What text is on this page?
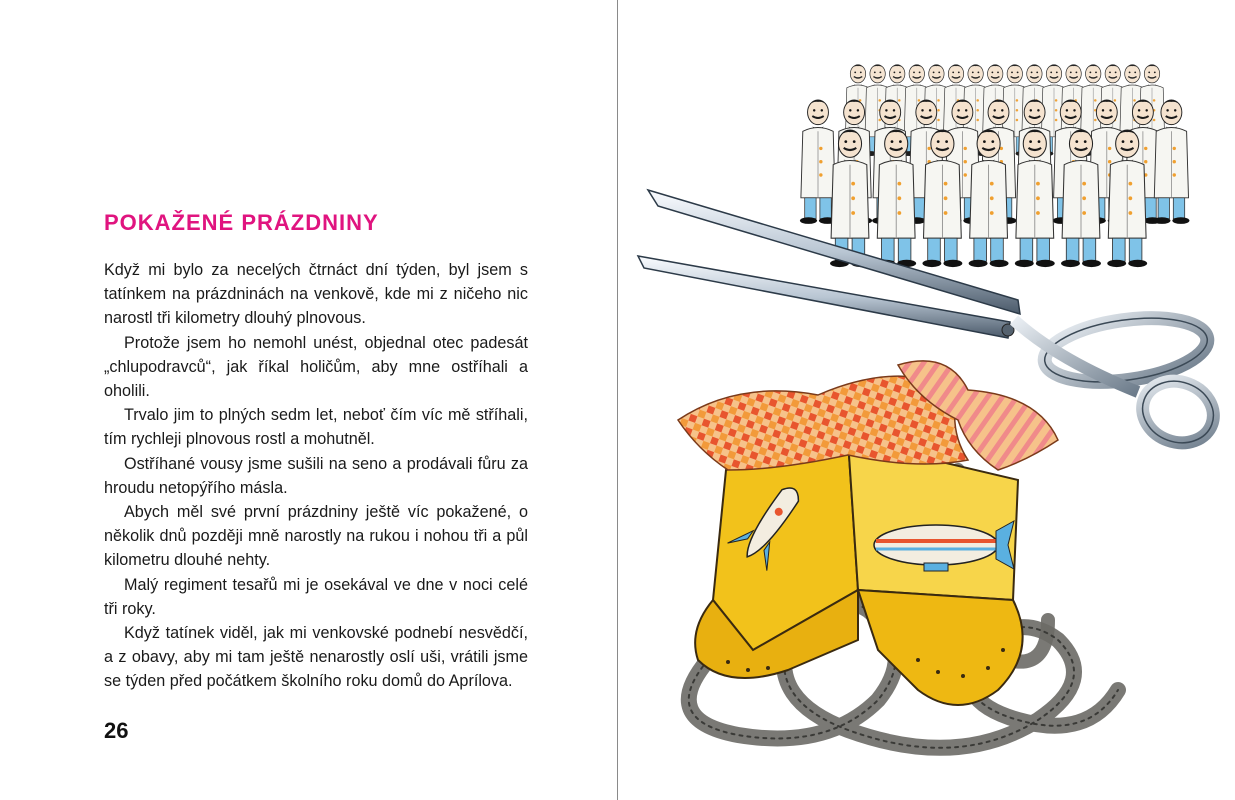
POKAŽENÉ PRÁZDNINY

Když mi bylo za necelých čtrnáct dní týden, byl jsem s tatínkem na prázdninách na venkově, kde mi z ničeho nic narostl tři kilometry dlouhý plnovous.

Protože jsem ho nemohl unést, objednal otec padesát „chlupodravců“, jak říkal holičům, aby mne ostříhali a oholili.

Trvalo jim to plných sedm let, neboť čím víc mě stříhali, tím rychleji plnovous rostl a mohutněl.

Ostříhané vousy jsme sušili na seno a prodávali fůru za hroudu netopýřího másla.

Abych měl své první prázdniny ještě víc pokažené, o několik dnů později mně narostly na rukou i nohou tři a půl kilometru dlouhé nehty.

Malý regiment tesařů mi je osekával ve dne v noci celé tři roky.

Když tatínek viděl, jak mi venkovské podnebí nesvědčí, a z obavy, aby mi tam ještě nenarostly oslí uši, vrátili jsme se týden před počátkem školního roku domů do Aprílova.

26
